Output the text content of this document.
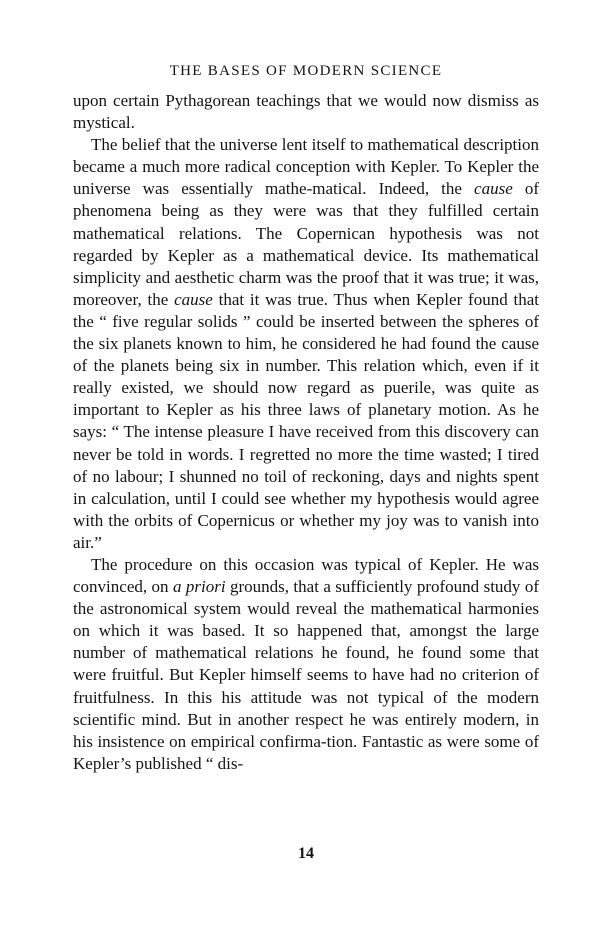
THE BASES OF MODERN SCIENCE

upon certain Pythagorean teachings that we would now dismiss as mystical.

The belief that the universe lent itself to mathematical description became a much more radical conception with Kepler. To Kepler the universe was essentially mathe-matical. Indeed, the cause of phenomena being as they were was that they fulfilled certain mathematical relations. The Copernican hypothesis was not regarded by Kepler as a mathematical device. Its mathematical simplicity and aesthetic charm was the proof that it was true; it was, moreover, the cause that it was true. Thus when Kepler found that the “ five regular solids ” could be inserted between the spheres of the six planets known to him, he considered he had found the cause of the planets being six in number. This relation which, even if it really existed, we should now regard as puerile, was quite as important to Kepler as his three laws of planetary motion. As he says: “ The intense pleasure I have received from this discovery can never be told in words. I regretted no more the time wasted; I tired of no labour; I shunned no toil of reckoning, days and nights spent in calculation, until I could see whether my hypothesis would agree with the orbits of Copernicus or whether my joy was to vanish into air.”

The procedure on this occasion was typical of Kepler. He was convinced, on a priori grounds, that a sufficiently profound study of the astronomical system would reveal the mathematical harmonies on which it was based. It so happened that, amongst the large number of mathematical relations he found, he found some that were fruitful. But Kepler himself seems to have had no criterion of fruitfulness. In this his attitude was not typical of the modern scientific mind. But in another respect he was entirely modern, in his insistence on empirical confirma-tion. Fantastic as were some of Kepler’s published “ dis-

14
